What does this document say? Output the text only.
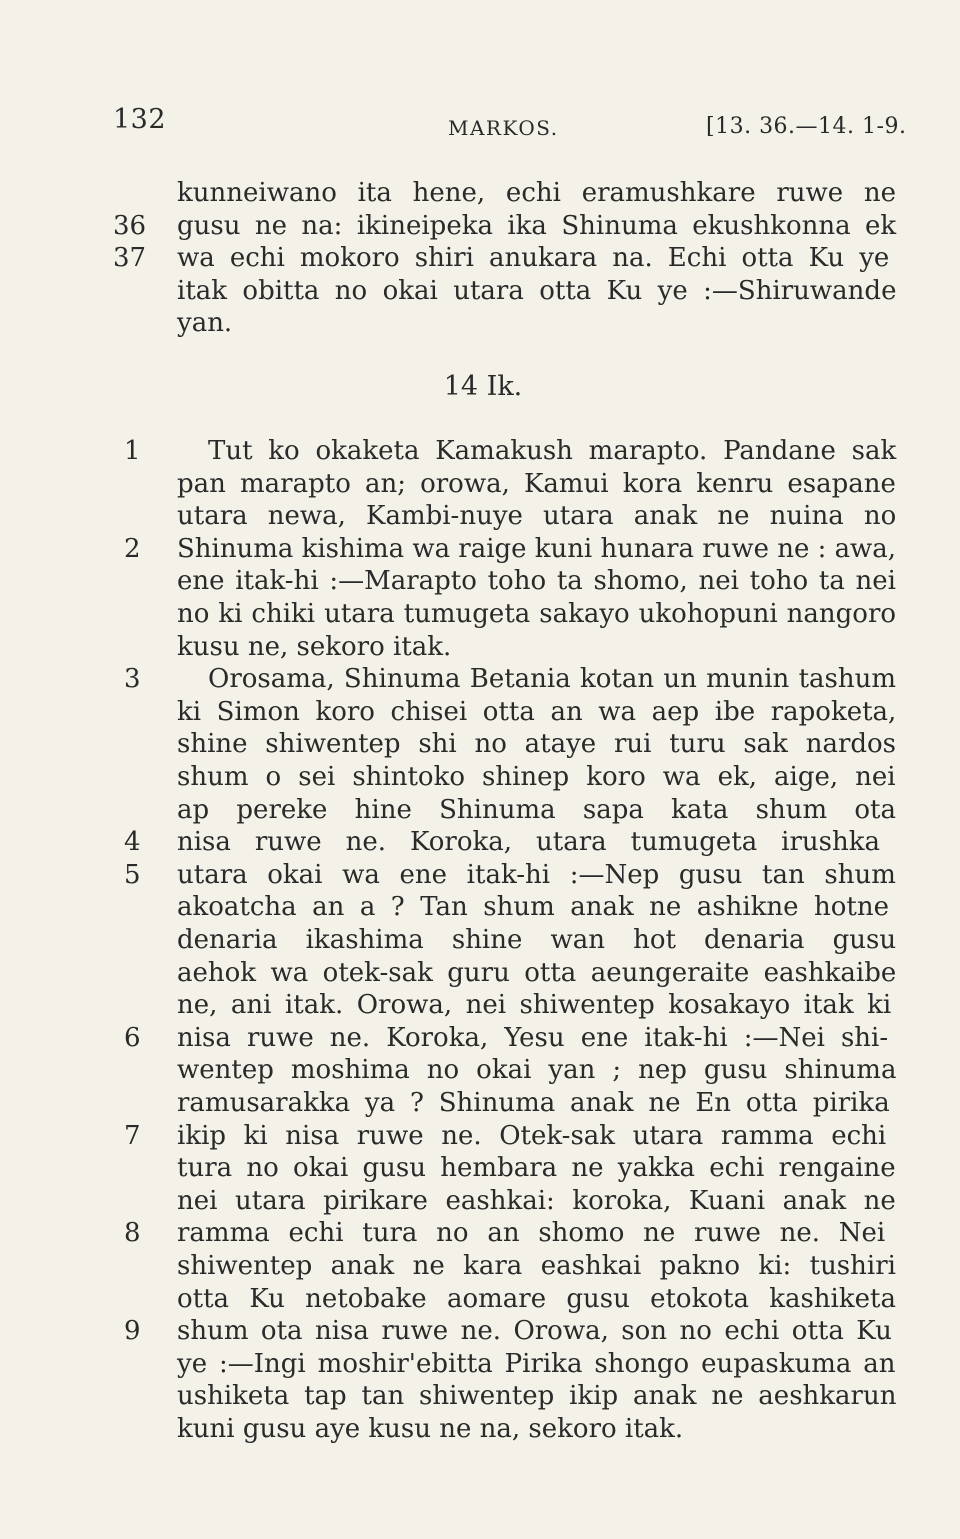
132	MARKOS.	[13. 36.—14. 1-9.
14 Ik.
kunneiwano ita hene, echi eramushkare ruwe ne
36 gusu ne na: ikineipeka ika Shinuma ekushkonna ek
37 wa echi mokoro shiri anukara na. Echi otta Ku ye
itak obitta no okai utara otta Ku ye :—Shiruwande
yan.
1	Tut ko okaketa Kamakush marapto. Pandane sak
pan marapto an; orowa, Kamui kora kenru esapane
utara newa, Kambi-nuye utara anak ne nuina no
2 Shinuma kishima wa raige kuni hunara ruwe ne : awa,
ene itak-hi :—Marapto toho ta shomo, nei toho ta nei
no ki chiki utara tumugeta sakayo ukohopuni nangoro
kusu ne, sekoro itak.
3	Orosama, Shinuma Betania kotan un munin tashum
ki Simon koro chisei otta an wa aep ibe rapoketa,
shine shiwentep shi no ataye rui turu sak nardos
shum o sei shintoko shinep koro wa ek, aige, nei
ap pereke hine Shinuma sapa kata shum ota
4 nisa ruwe ne. Koroka, utara tumugeta irushka
5 utara okai wa ene itak-hi :—Nep gusu tan shum
akoatcha an a ? Tan shum anak ne ashikne hotne
denaria ikashima shine wan hot denaria gusu
aehok wa otek-sak guru otta aeungeraite eashkaibe
ne, ani itak. Orowa, nei shiwentep kosakayo itak ki
6 nisa ruwe ne. Koroka, Yesu ene itak-hi :—Nei shi-
wentep moshima no okai yan ; nep gusu shinuma
ramusarakka ya ? Shinuma anak ne En otta pirika
7 ikip ki nisa ruwe ne. Otek-sak utara ramma echi
tura no okai gusu hembara ne yakka echi rengaine
nei utara pirikare eashkai: koroka, Kuani anak ne
8 ramma echi tura no an shomo ne ruwe ne. Nei
shiwentep anak ne kara eashkai pakno ki: tushiri
otta Ku netobake aomare gusu etokota kashiketa
9 shum ota nisa ruwe ne. Orowa, son no echi otta Ku
ye :—Ingi moshir'ebitta Pirika shongo eupaskuma an
ushiketa tap tan shiwentep ikip anak ne aeshkarun
kuni gusu aye kusu ne na, sekoro itak.
